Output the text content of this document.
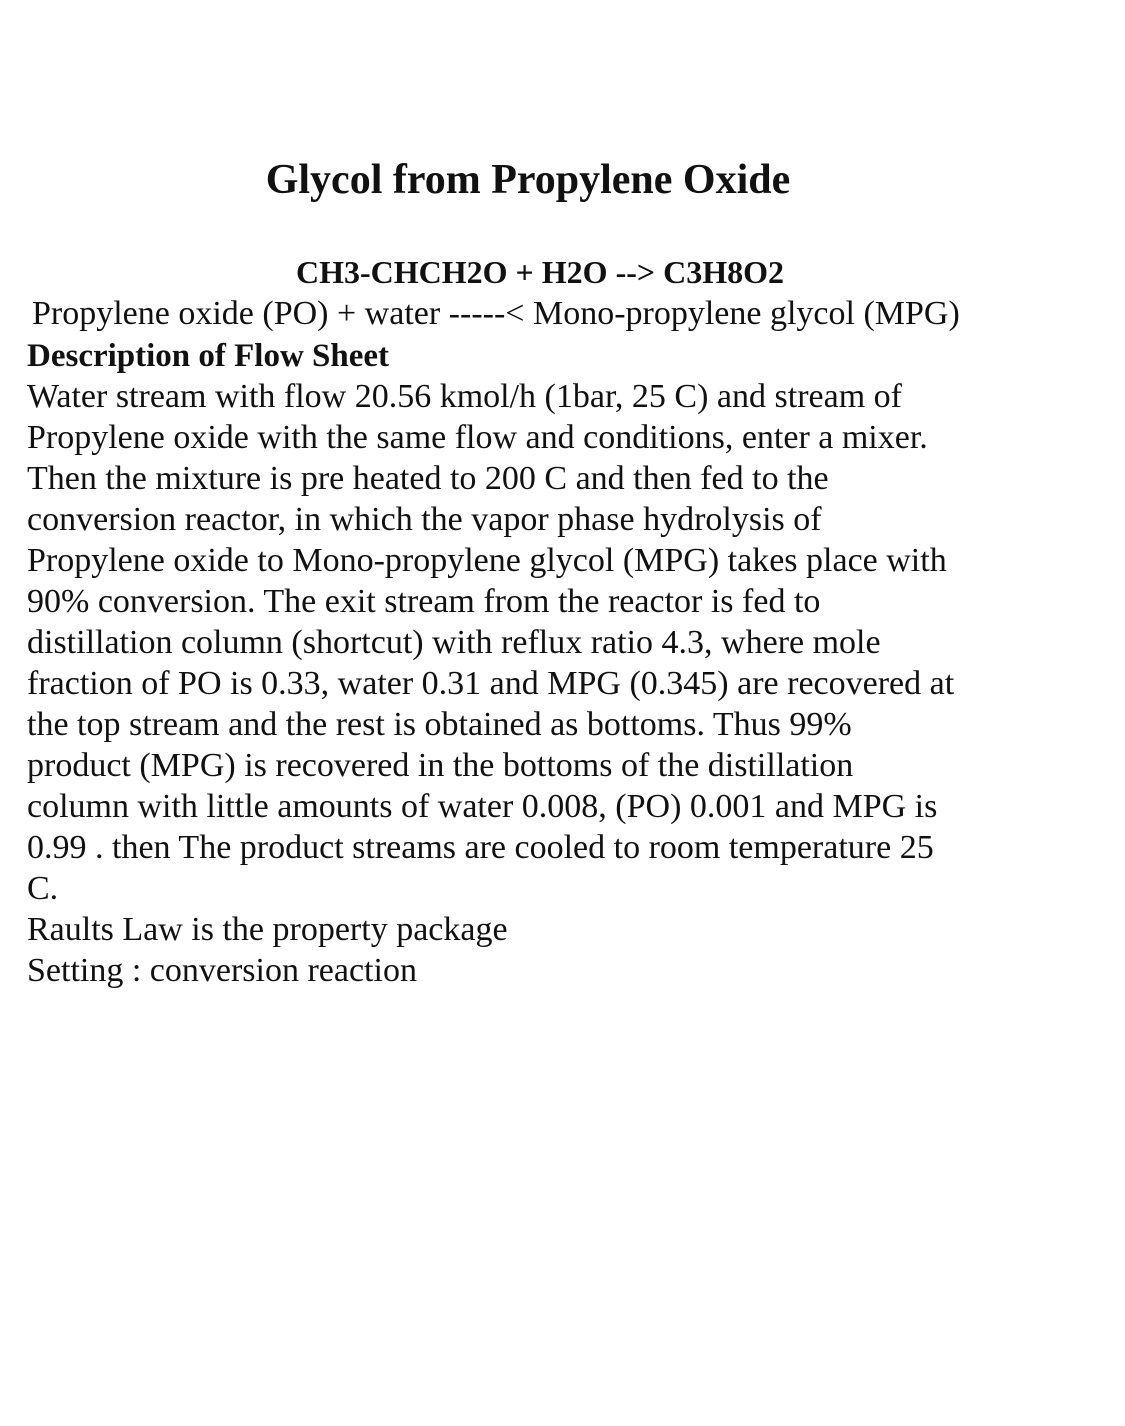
Glycol from Propylene Oxide
CH3-CHCH2O + H2O --> C3H8O2
Propylene oxide (PO) + water -----< Mono-propylene glycol (MPG)
Description of Flow Sheet
Water stream with flow 20.56 kmol/h (1bar, 25 C) and stream of
Propylene oxide with the same flow and conditions, enter a mixer.
Then the mixture is pre heated to 200 C and then fed to the
conversion reactor, in which the vapor phase hydrolysis of
Propylene oxide to Mono-propylene glycol (MPG) takes place with
90% conversion. The exit stream from the reactor is fed to
distillation column (shortcut) with reflux ratio 4.3, where mole
fraction of PO is 0.33, water 0.31 and MPG (0.345) are recovered at
the top stream and the rest is obtained as bottoms. Thus 99%
product (MPG) is recovered in the bottoms of the distillation
column with little amounts of water 0.008, (PO) 0.001 and MPG is
0.99 . then The product streams are cooled to room temperature 25
C.
Raults Law is the property package
Setting : conversion reaction
